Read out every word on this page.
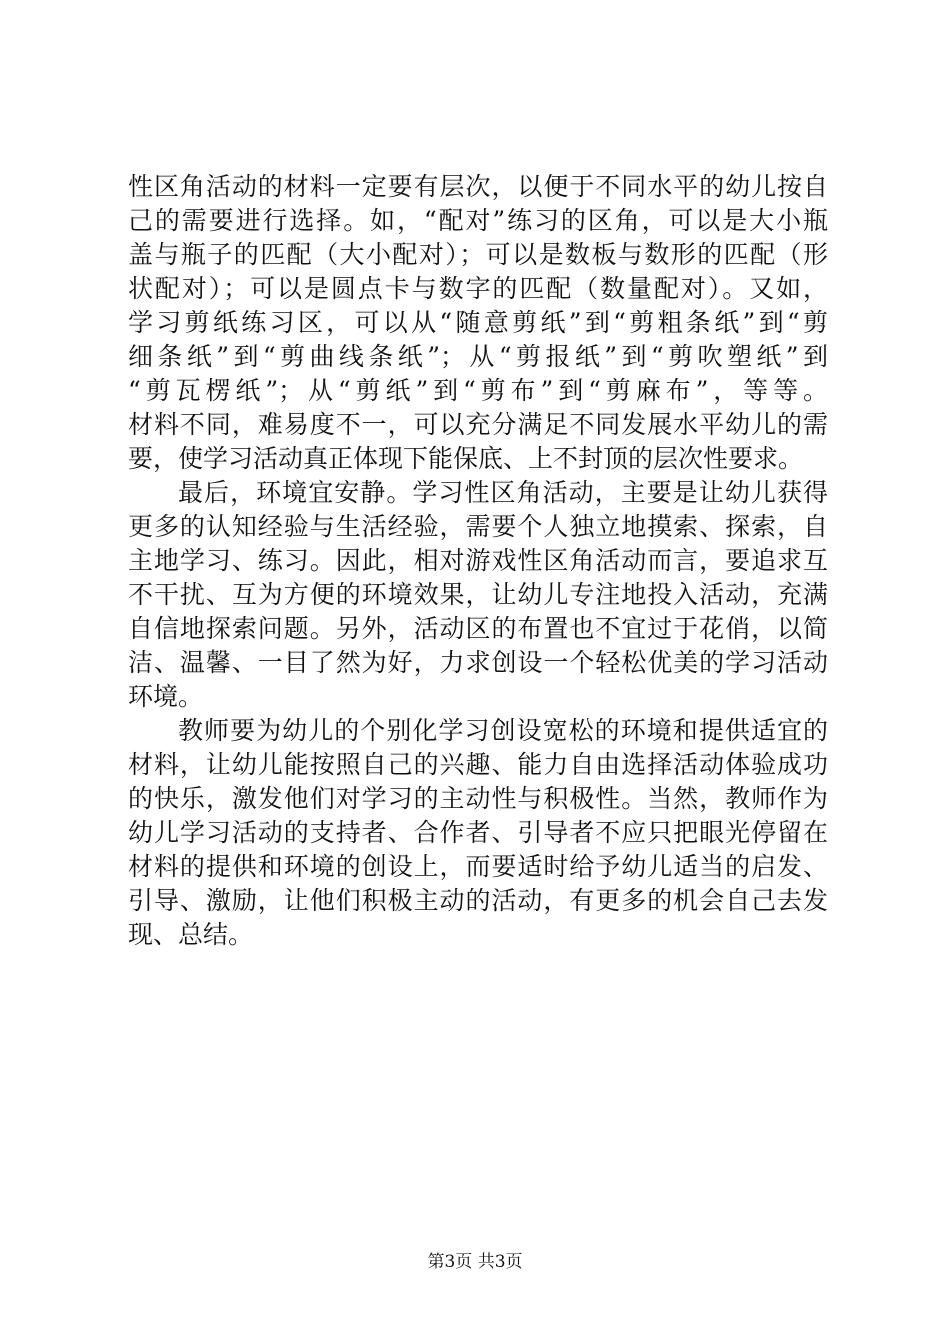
性区角活动的材料一定要有层次，以便于不同水平的幼儿按自
己的需要进行选择。如，“配对”练习的区角，可以是大小瓶
盖与瓶子的匹配（大小配对）；可以是数板与数形的匹配（形
状配对）；可以是圆点卡与数字的匹配（数量配对）。又如，
学习剪纸练习区，可以从“随意剪纸”到“剪粗条纸”到“剪
细条纸”到“剪曲线条纸”；从“剪报纸”到“剪吹塑纸”到
“剪瓦楞纸”；从“剪纸”到“剪布”到“剪麻布”，等等。
材料不同，难易度不一，可以充分满足不同发展水平幼儿的需
要，使学习活动真正体现下能保底、上不封顶的层次性要求。
最后，环境宜安静。学习性区角活动，主要是让幼儿获得
更多的认知经验与生活经验，需要个人独立地摸索、探索，自
主地学习、练习。因此，相对游戏性区角活动而言，要追求互
不干扰、互为方便的环境效果，让幼儿专注地投入活动，充满
自信地探索问题。另外，活动区的布置也不宜过于花俏，以简
洁、温馨、一目了然为好，力求创设一个轻松优美的学习活动
环境。
教师要为幼儿的个别化学习创设宽松的环境和提供适宜的
材料，让幼儿能按照自己的兴趣、能力自由选择活动体验成功
的快乐，激发他们对学习的主动性与积极性。当然，教师作为
幼儿学习活动的支持者、合作者、引导者不应只把眼光停留在
材料的提供和环境的创设上，而要适时给予幼儿适当的启发、
引导、激励，让他们积极主动的活动，有更多的机会自己去发
现、总结。
第3页 共3页
